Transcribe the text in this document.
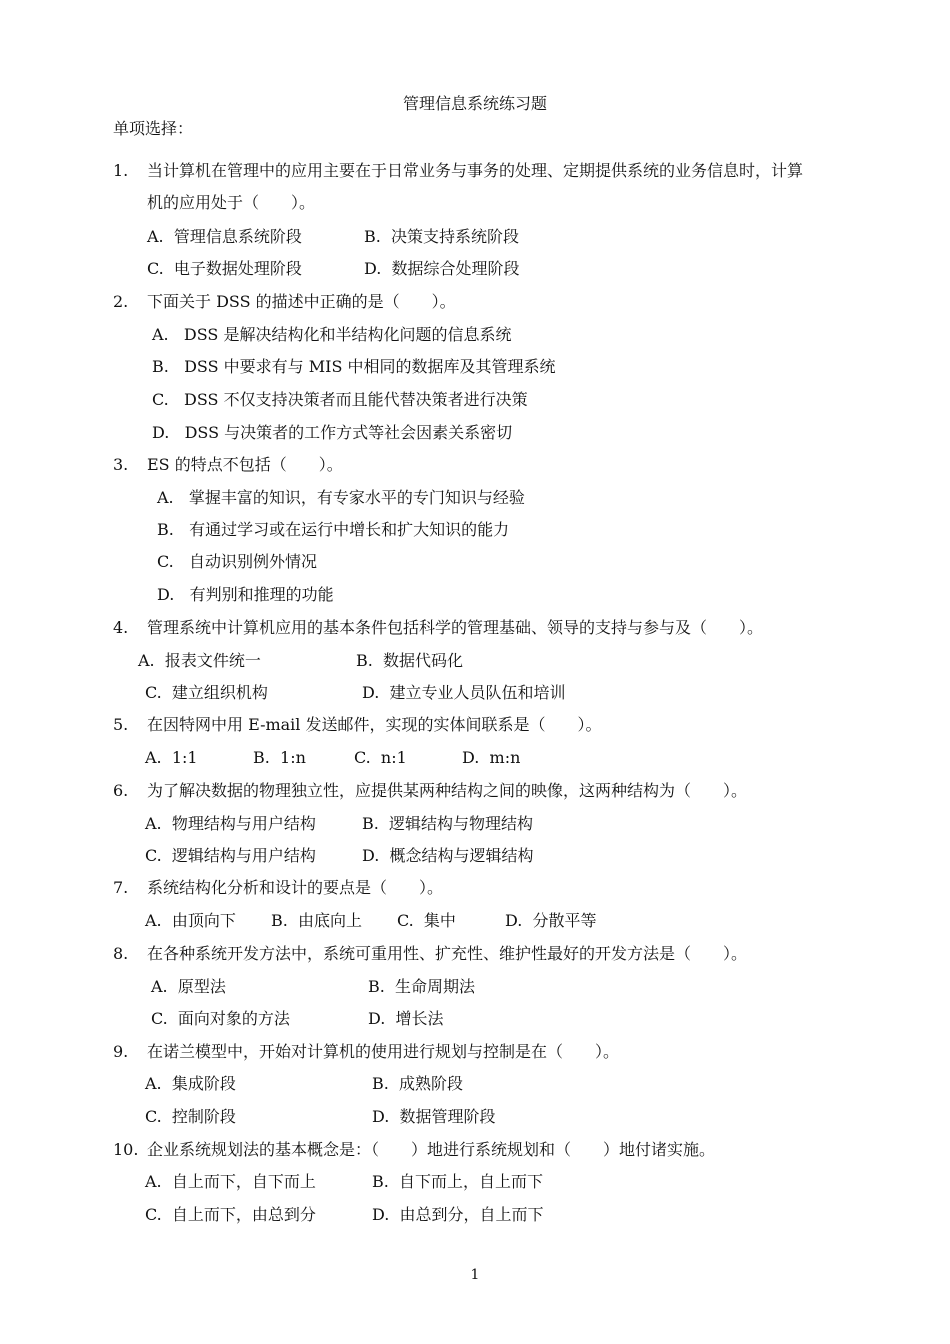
管理信息系统练习题
单项选择：
1. 当计算机在管理中的应用主要在于日常业务与事务的处理、定期提供系统的业务信息时，计算
机的应用处于（　　）。
A.  管理信息系统阶段	B.  决策支持系统阶段
C.  电子数据处理阶段	D.  数据综合处理阶段
2. 下面关于 DSS 的描述中正确的是（　　）。
A.   DSS 是解决结构化和半结构化问题的信息系统
B.   DSS 中要求有与 MIS 中相同的数据库及其管理系统
C.   DSS 不仅支持决策者而且能代替决策者进行决策
D.   DSS 与决策者的工作方式等社会因素关系密切
3. ES 的特点不包括（　　）。
A.   掌握丰富的知识，有专家水平的专门知识与经验
B.   有通过学习或在运行中增长和扩大知识的能力
C.   自动识别例外情况
D.   有判别和推理的功能
4. 管理系统中计算机应用的基本条件包括科学的管理基础、领导的支持与参与及（　　）。
A.  报表文件统一	B.  数据代码化
C.  建立组织机构	D.  建立专业人员队伍和培训
5. 在因特网中用 E-mail 发送邮件，实现的实体间联系是（　　）。
A.  1:1	B.  1:n	C.  n:1	D.  m:n
6. 为了解决数据的物理独立性，应提供某两种结构之间的映像，这两种结构为（　　）。
A.  物理结构与用户结构	B.  逻辑结构与物理结构
C.  逻辑结构与用户结构	D.  概念结构与逻辑结构
7. 系统结构化分析和设计的要点是（　　）。
A.  由顶向下 B.  由底向上 C.  集中	D.  分散平等
8. 在各种系统开发方法中，系统可重用性、扩充性、维护性最好的开发方法是（　　）。
A.  原型法	B.  生命周期法
C.  面向对象的方法	D.  增长法
9. 在诺兰模型中，开始对计算机的使用进行规划与控制是在（　　）。
A.  集成阶段	B.  成熟阶段
C.  控制阶段	D.  数据管理阶段
10. 企业系统规划法的基本概念是：（　　）地进行系统规划和（　　）地付诸实施。
A.  自上而下，自下而上	B.  自下而上，自上而下
C.  自上而下，由总到分	D.  由总到分，自上而下
1
